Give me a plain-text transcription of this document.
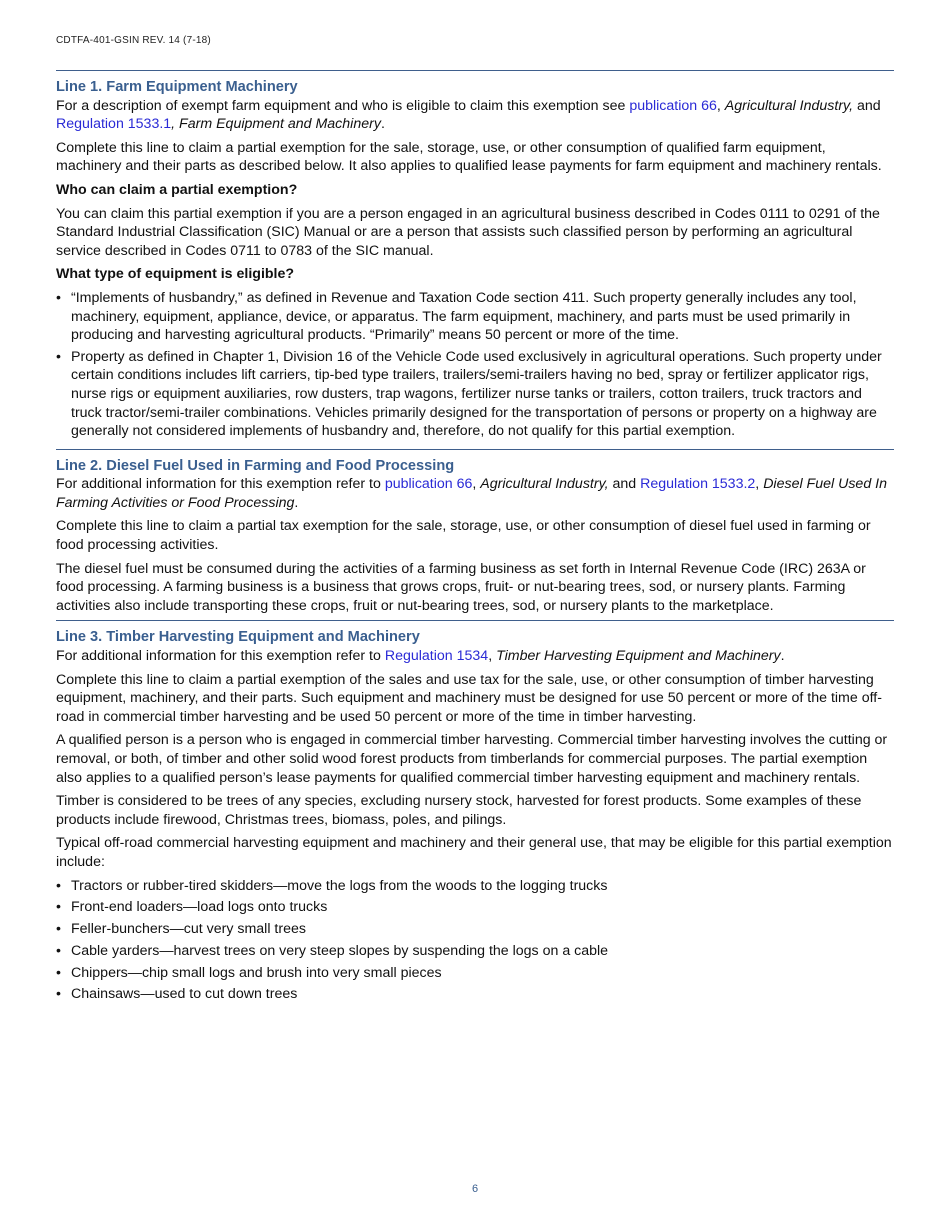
CDTFA-401-GSIN REV. 14 (7-18)
Line 1. Farm Equipment Machinery

For a description of exempt farm equipment and who is eligible to claim this exemption see publication 66, Agricultural Industry, and Regulation 1533.1, Farm Equipment and Machinery.

Complete this line to claim a partial exemption for the sale, storage, use, or other consumption of qualified farm equipment, machinery and their parts as described below. It also applies to qualified lease payments for farm equipment and machinery rentals.

Who can claim a partial exemption?

You can claim this partial exemption if you are a person engaged in an agricultural business described in Codes 0111 to 0291 of the Standard Industrial Classification (SIC) Manual or are a person that assists such classified person by performing an agricultural service described in Codes 0711 to 0783 of the SIC manual.

What type of equipment is eligible?
• “Implements of husbandry,” as defined in Revenue and Taxation Code section 411. Such property generally includes any tool, machinery, equipment, appliance, device, or apparatus. The farm equipment, machinery, and parts must be used primarily in producing and harvesting agricultural products. “Primarily” means 50 percent or more of the time.
• Property as defined in Chapter 1, Division 16 of the Vehicle Code used exclusively in agricultural operations. Such property under certain conditions includes lift carriers, tip-bed type trailers, trailers/semi-trailers having no bed, spray or fertilizer applicator rigs, nurse rigs or equipment auxiliaries, row dusters, trap wagons, fertilizer nurse tanks or trailers, cotton trailers, truck tractors and truck tractor/semi-trailer combinations. Vehicles primarily designed for the transportation of persons or property on a highway are generally not considered implements of husbandry and, therefore, do not qualify for this partial exemption.
Line 2. Diesel Fuel Used in Farming and Food Processing

For additional information for this exemption refer to publication 66, Agricultural Industry, and Regulation 1533.2, Diesel Fuel Used In Farming Activities or Food Processing.

Complete this line to claim a partial tax exemption for the sale, storage, use, or other consumption of diesel fuel used in farming or food processing activities.

The diesel fuel must be consumed during the activities of a farming business as set forth in Internal Revenue Code (IRC) 263A or food processing. A farming business is a business that grows crops, fruit- or nut-bearing trees, sod, or nursery plants. Farming activities also include transporting these crops, fruit or nut-bearing trees, sod, or nursery plants to the marketplace.

Line 3. Timber Harvesting Equipment and Machinery

For additional information for this exemption refer to Regulation 1534, Timber Harvesting Equipment and Machinery.

Complete this line to claim a partial exemption of the sales and use tax for the sale, use, or other consumption of timber harvesting equipment, machinery, and their parts. Such equipment and machinery must be designed for use 50 percent or more of the time off-road in commercial timber harvesting and be used 50 percent or more of the time in timber harvesting.

A qualified person is a person who is engaged in commercial timber harvesting. Commercial timber harvesting involves the cutting or removal, or both, of timber and other solid wood forest products from timberlands for commercial purposes. The partial exemption also applies to a qualified person’s lease payments for qualified commercial timber harvesting equipment and machinery rentals.

Timber is considered to be trees of any species, excluding nursery stock, harvested for forest products. Some examples of these products include firewood, Christmas trees, biomass, poles, and pilings.

Typical off-road commercial harvesting equipment and machinery and their general use, that may be eligible for this partial exemption include:

• Tractors or rubber-tired skidders—move the logs from the woods to the logging trucks
• Front-end loaders—load logs onto trucks
• Feller-bunchers—cut very small trees
• Cable yarders—harvest trees on very steep slopes by suspending the logs on a cable
• Chippers—chip small logs and brush into very small pieces
• Chainsaws—used to cut down trees
6
